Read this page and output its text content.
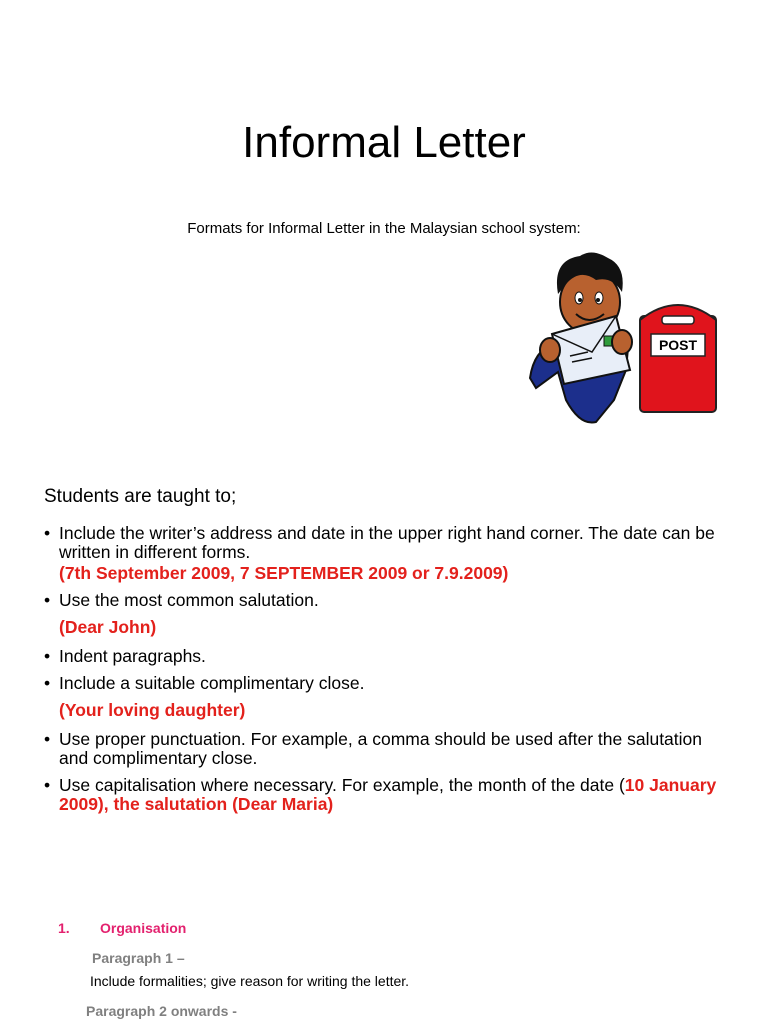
Informal Letter
Formats for Informal Letter in the Malaysian school system:
POST
Students are taught to;
• Include the writer’s address and date in the upper right hand corner. The date can be written in different forms.
(7th September 2009, 7 SEPTEMBER 2009 or 7.9.2009)
• Use the most common salutation.
(Dear John)
• Indent paragraphs.
• Include a suitable complimentary close.
(Your loving daughter)
• Use proper punctuation. For example, a comma should be used after the salutation and complimentary close.
• Use capitalisation where necessary. For example, the month of the date (10 January 2009), the salutation (Dear Maria)
1. Organisation
Paragraph 1 –
Include formalities; give reason for writing the letter.
Paragraph 2 onwards -
